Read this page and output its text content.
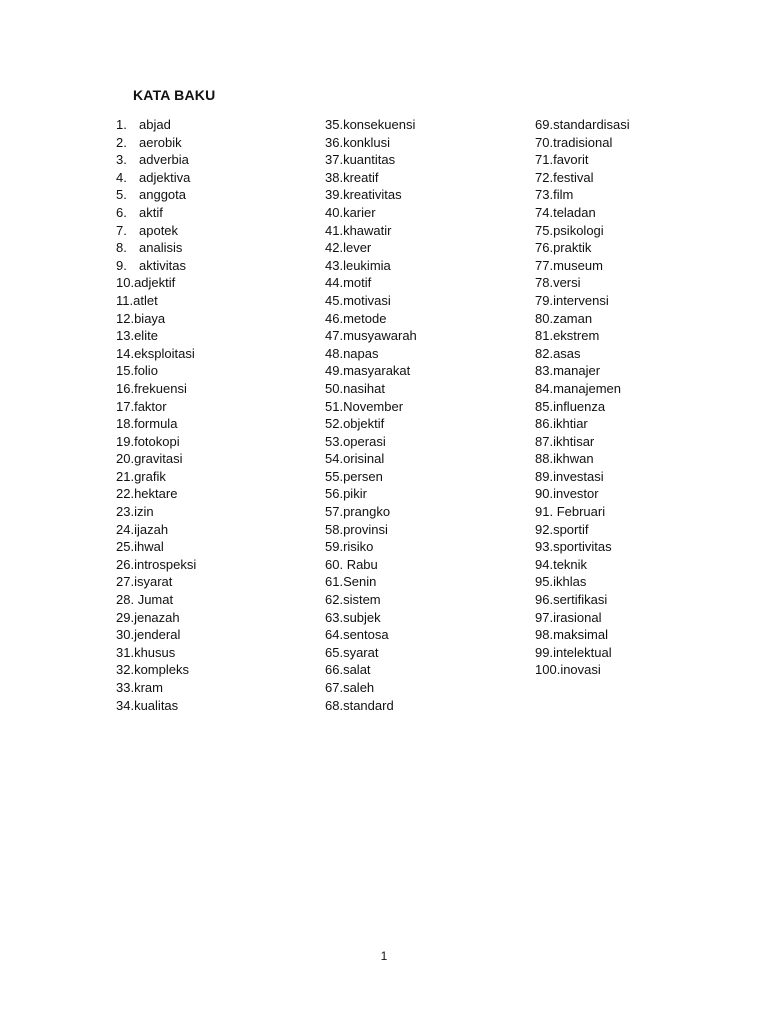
KATA BAKU
1. abjad
2. aerobik
3. adverbia
4. adjektiva
5. anggota
6. aktif
7. apotek
8. analisis
9. aktivitas
10. adjektif
11. atlet
12. biaya
13. elite
14. eksploitasi
15. folio
16. frekuensi
17. faktor
18. formula
19. fotokopi
20. gravitasi
21. grafik
22. hektare
23. izin
24. ijazah
25. ihwal
26. introspeksi
27. isyarat
28. Jumat
29. jenazah
30. jenderal
31. khusus
32. kompleks
33. kram
34. kualitas
35. konsekuensi
36. konklusi
37. kuantitas
38. kreatif
39. kreativitas
40. karier
41. khawatir
42. lever
43. leukimia
44. motif
45. motivasi
46. metode
47. musyawarah
48. napas
49. masyarakat
50. nasihat
51. November
52. objektif
53. operasi
54. orisinal
55. persen
56. pikir
57. prangko
58. provinsi
59. risiko
60. Rabu
61. Senin
62. sistem
63. subjek
64. sentosa
65. syarat
66. salat
67. saleh
68. standard
69. standardisasi
70. tradisional
71. favorit
72. festival
73. film
74. teladan
75. psikologi
76. praktik
77. museum
78. versi
79. intervensi
80. zaman
81. ekstrem
82. asas
83. manajer
84. manajemen
85. influenza
86. ikhtiar
87. ikhtisar
88. ikhwan
89. investasi
90. investor
91. Februari
92. sportif
93. sportivitas
94. teknik
95. ikhlas
96. sertifikasi
97. irasional
98. maksimal
99. intelektual
100. inovasi
1
